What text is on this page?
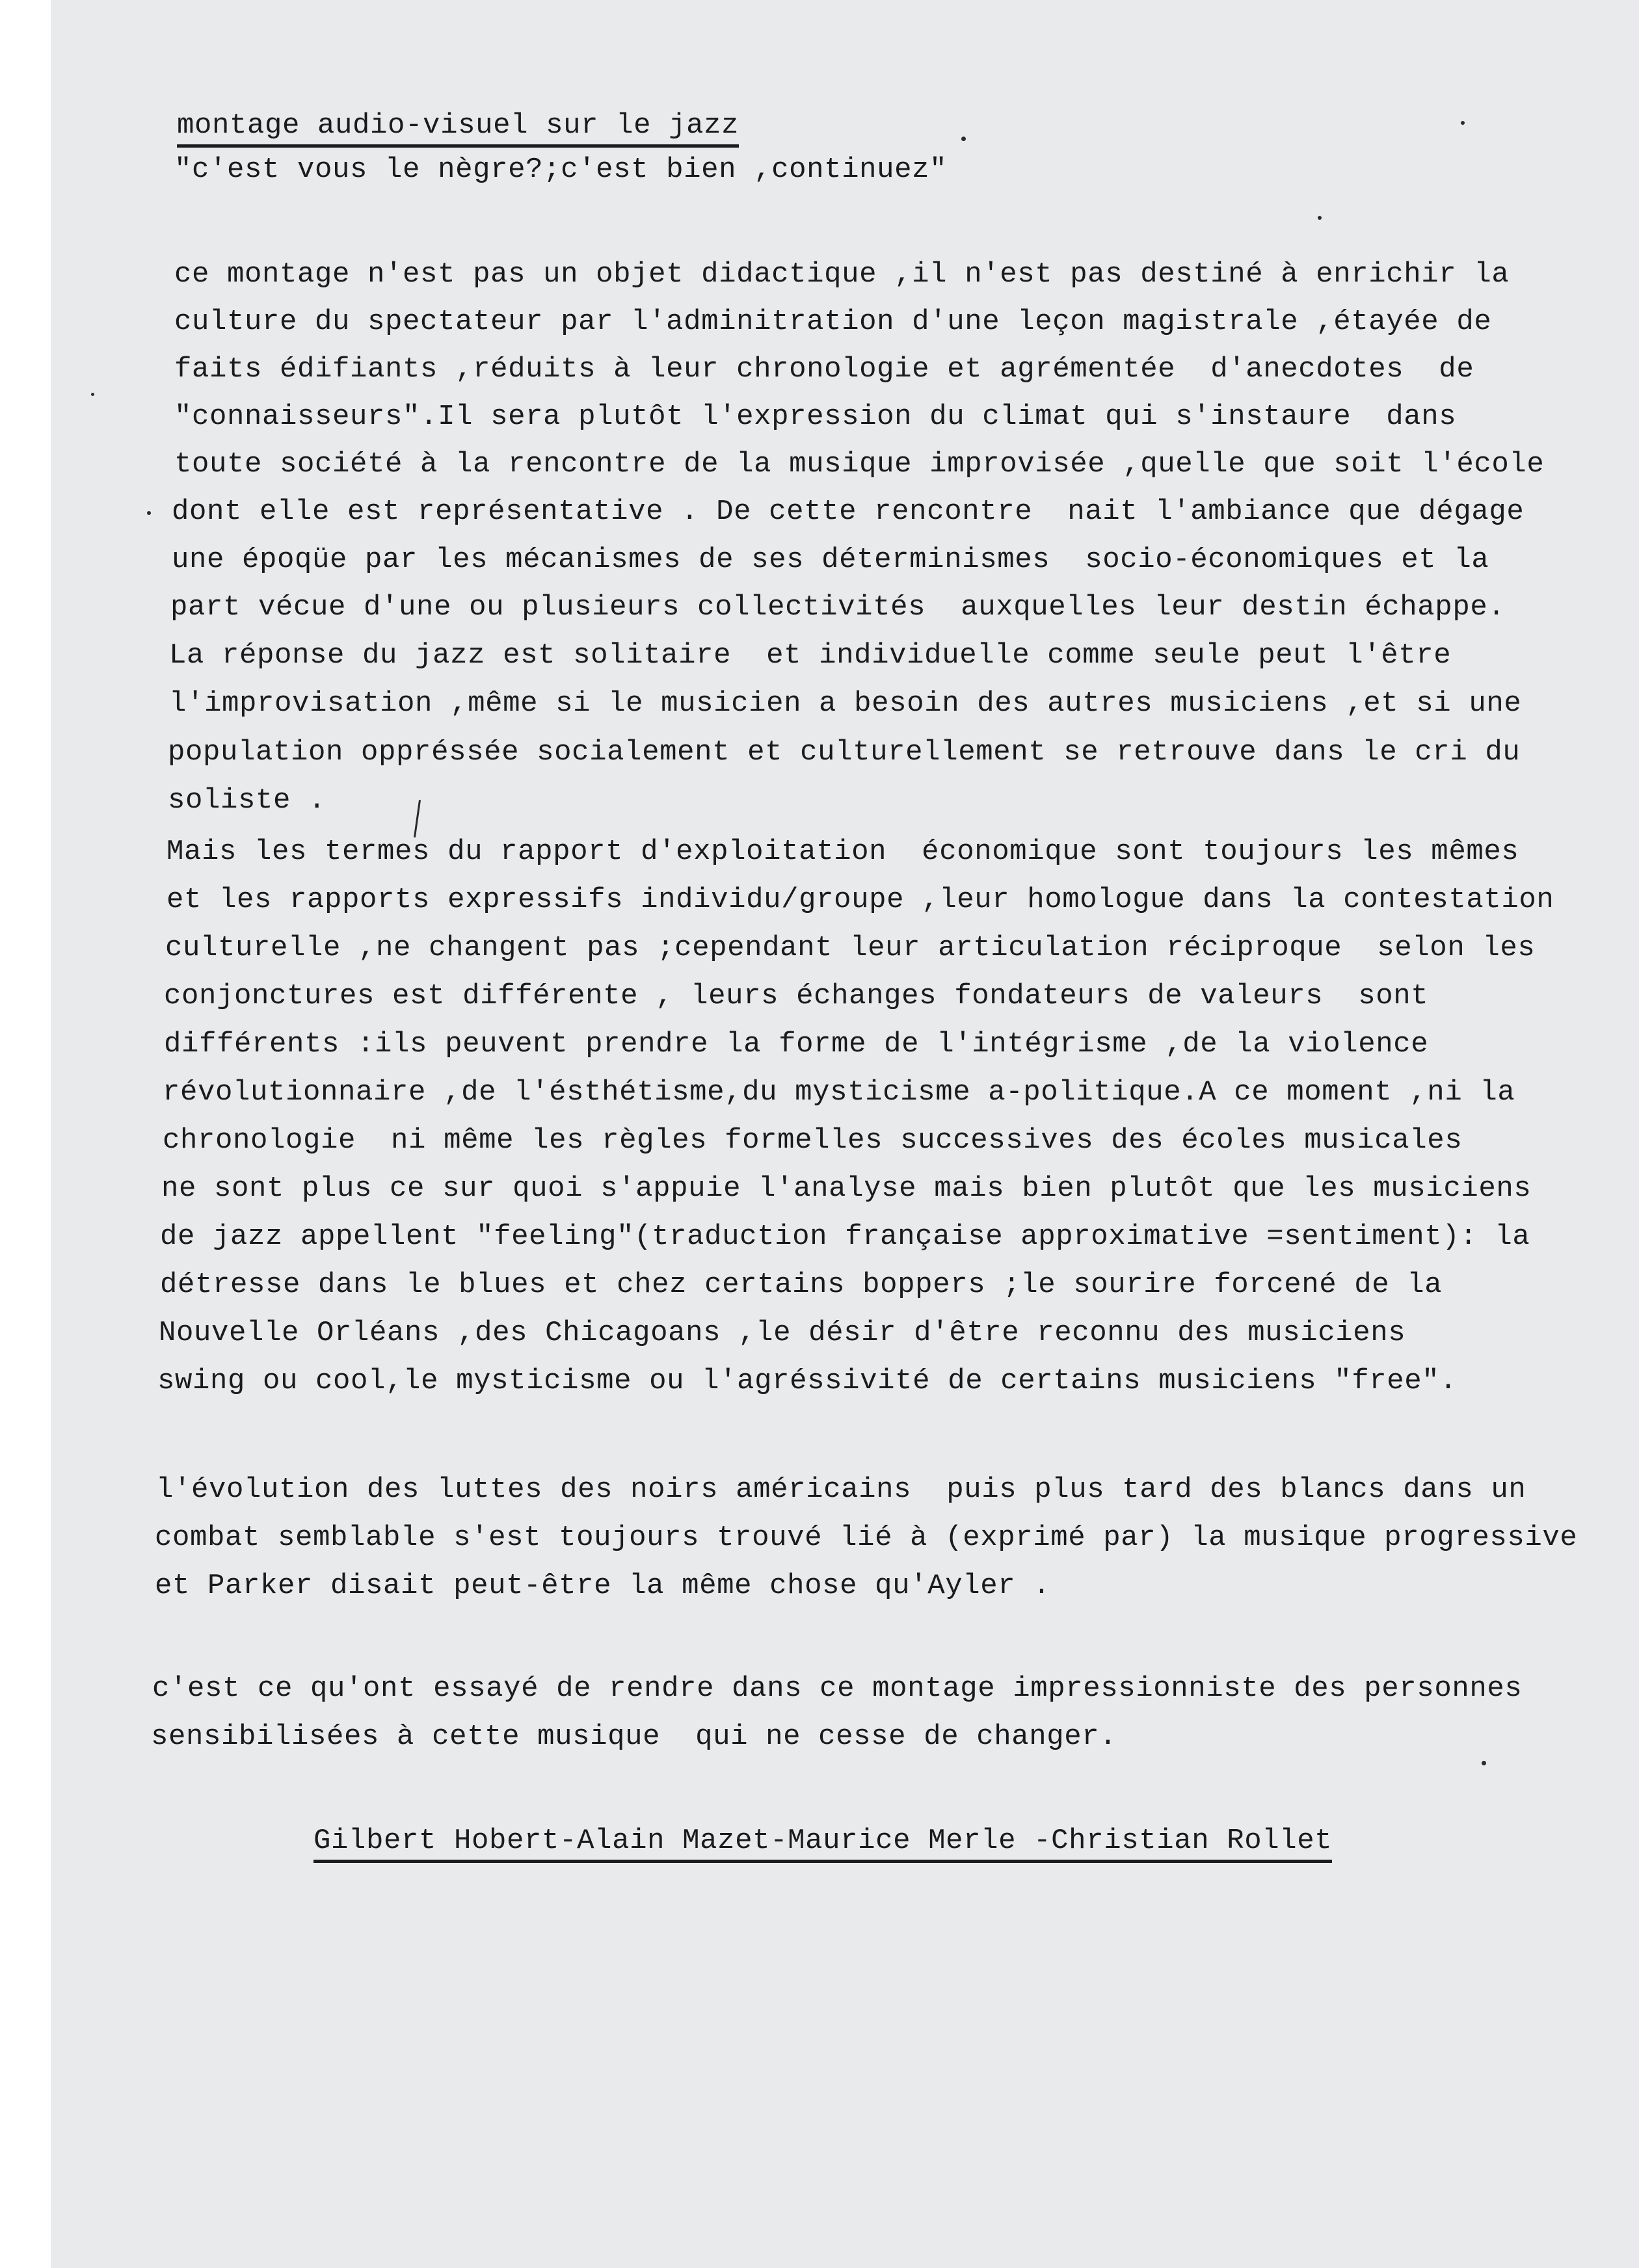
montage audio-visuel sur le jazz
"c'est vous le nègre?;c'est bien ,continuez"
ce montage n'est pas un objet didactique ,il n'est pas destiné à enrichir la
culture du spectateur par l'adminitration d'une leçon magistrale ,étayée de
faits édifiants ,réduits à leur chronologie et agrémentée  d'anecdotes  de
"connaisseurs".Il sera plutôt l'expression du climat qui s'instaure  dans
toute société à la rencontre de la musique improvisée ,quelle que soit l'école
dont elle est représentative . De cette rencontre  nait l'ambiance que dégage
une époqüe par les mécanismes de ses déterminismes  socio-économiques et la
part vécue d'une ou plusieurs collectivités  auxquelles leur destin échappe.
La réponse du jazz est solitaire  et individuelle comme seule peut l'être
l'improvisation ,même si le musicien a besoin des autres musiciens ,et si une
population oppréssée socialement et culturellement se retrouve dans le cri du
soliste .
Mais les termes du rapport d'exploitation  économique sont toujours les mêmes
et les rapports expressifs individu/groupe ,leur homologue dans la contestation
culturelle ,ne changent pas ;cependant leur articulation réciproque  selon les
conjonctures est différente , leurs échanges fondateurs de valeurs  sont
différents :ils peuvent prendre la forme de l'intégrisme ,de la violence
révolutionnaire ,de l'ésthétisme,du mysticisme a-politique.A ce moment ,ni la
chronologie  ni même les règles formelles successives des écoles musicales
ne sont plus ce sur quoi s'appuie l'analyse mais bien plutôt que les musiciens
de jazz appellent "feeling"(traduction française approximative =sentiment): la
détresse dans le blues et chez certains boppers ;le sourire forcené de la
Nouvelle Orléans ,des Chicagoans ,le désir d'être reconnu des musiciens
swing ou cool,le mysticisme ou l'agréssivité de certains musiciens "free".
l'évolution des luttes des noirs américains  puis plus tard des blancs dans un
combat semblable s'est toujours trouvé lié à (exprimé par) la musique progressive
et Parker disait peut-être la même chose qu'Ayler .
c'est ce qu'ont essayé de rendre dans ce montage impressionniste des personnes
sensibilisées à cette musique  qui ne cesse de changer.
Gilbert Hobert-Alain Mazet-Maurice Merle -Christian Rollet
